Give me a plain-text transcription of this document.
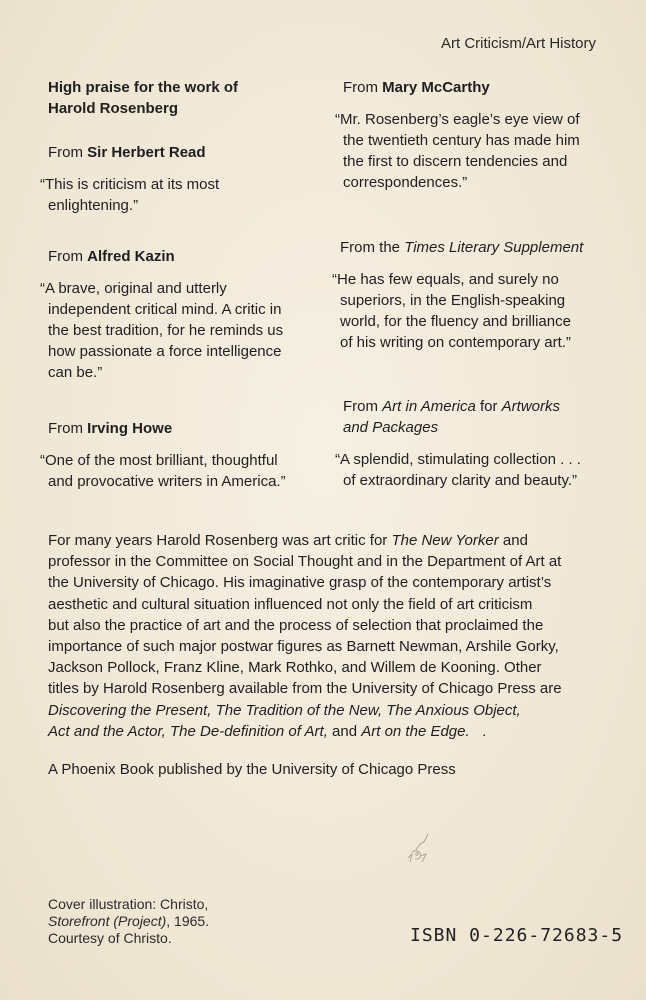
Art Criticism/Art History
High praise for the work of
Harold Rosenberg
From Sir Herbert Read
“This is criticism at its most
enlightening.”
From Alfred Kazin
“A brave, original and utterly
independent critical mind. A critic in
the best tradition, for he reminds us
how passionate a force intelligence
can be.”
From Irving Howe
“One of the most brilliant, thoughtful
and provocative writers in America.”
From Mary McCarthy
“Mr. Rosenberg’s eagle’s eye view of
the twentieth century has made him
the first to discern tendencies and
correspondences.”
From the Times Literary Supplement
“He has few equals, and surely no
superiors, in the English-speaking
world, for the fluency and brilliance
of his writing on contemporary art.”
From Art in America for Artworks
and Packages
“A splendid, stimulating collection . . .
of extraordinary clarity and beauty.”
For many years Harold Rosenberg was art critic for The New Yorker and
professor in the Committee on Social Thought and in the Department of Art at
the University of Chicago. His imaginative grasp of the contemporary artist’s
aesthetic and cultural situation influenced not only the field of art criticism
but also the practice of art and the process of selection that proclaimed the
importance of such major postwar figures as Barnett Newman, Arshile Gorky,
Jackson Pollock, Franz Kline, Mark Rothko, and Willem de Kooning. Other
titles by Harold Rosenberg available from the University of Chicago Press are
Discovering the Present, The Tradition of the New, The Anxious Object,
Act and the Actor, The De-definition of Art, and Art on the Edge.   .
A Phoenix Book published by the University of Chicago Press
Cover illustration: Christo,
Storefront (Project), 1965.
Courtesy of Christo.	ISBN 0-226-72683-5
